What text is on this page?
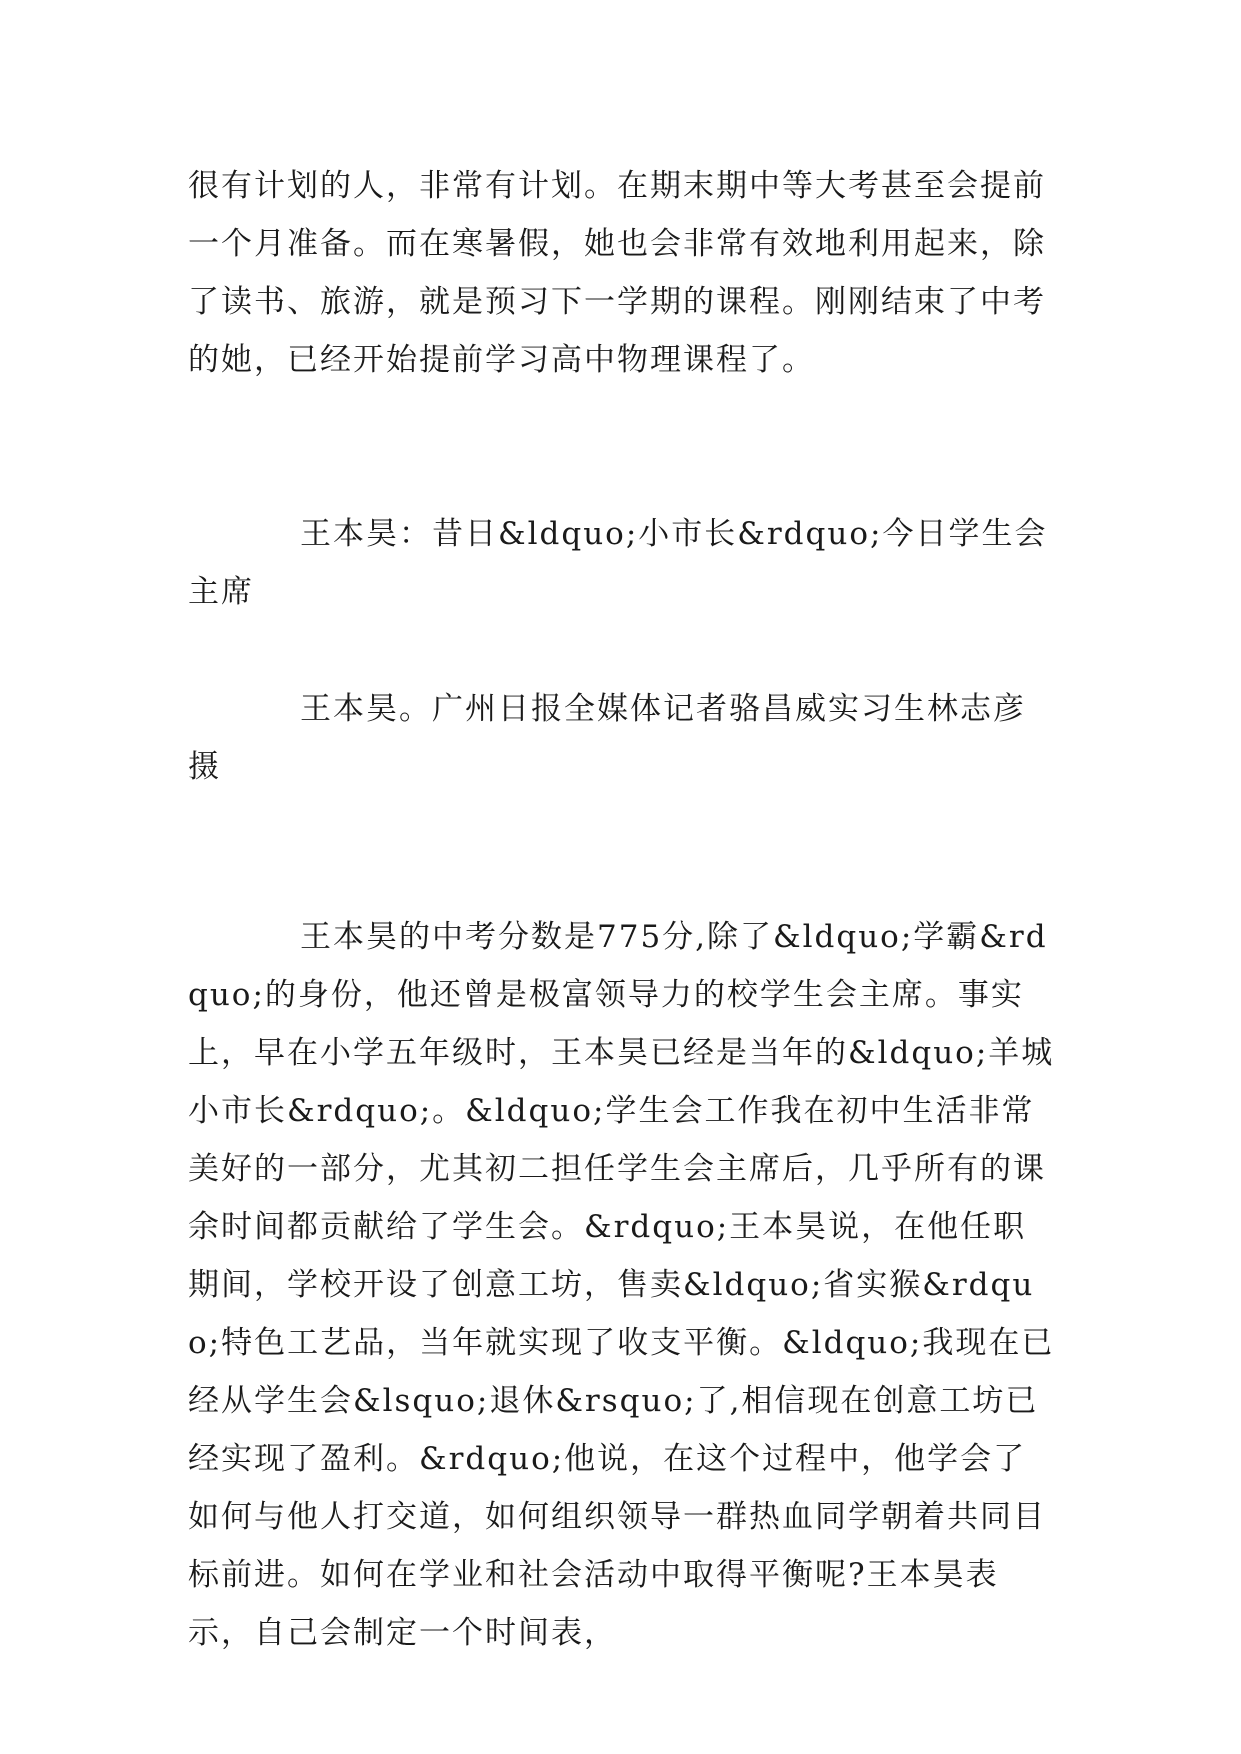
很有计划的人，非常有计划。在期末期中等大考甚至会提前一个月准备。而在寒暑假，她也会非常有效地利用起来，除了读书、旅游，就是预习下一学期的课程。刚刚结束了中考的她，已经开始提前学习高中物理课程了。

王本昊：昔日&ldquo;小市长&rdquo;今日学生会主席

王本昊。广州日报全媒体记者骆昌威实习生林志彦摄

王本昊的中考分数是775分,除了&ldquo;学霸&rdquo;的身份，他还曾是极富领导力的校学生会主席。事实上，早在小学五年级时，王本昊已经是当年的&ldquo;羊城小市长&rdquo;。&ldquo;学生会工作我在初中生活非常美好的一部分，尤其初二担任学生会主席后，几乎所有的课余时间都贡献给了学生会。&rdquo;王本昊说，在他任职期间，学校开设了创意工坊，售卖&ldquo;省实猴&rdquo;特色工艺品，当年就实现了收支平衡。&ldquo;我现在已经从学生会&lsquo;退休&rsquo;了,相信现在创意工坊已经实现了盈利。&rdquo;他说，在这个过程中，他学会了如何与他人打交道，如何组织领导一群热血同学朝着共同目标前进。如何在学业和社会活动中取得平衡呢?王本昊表示，自己会制定一个时间表，
